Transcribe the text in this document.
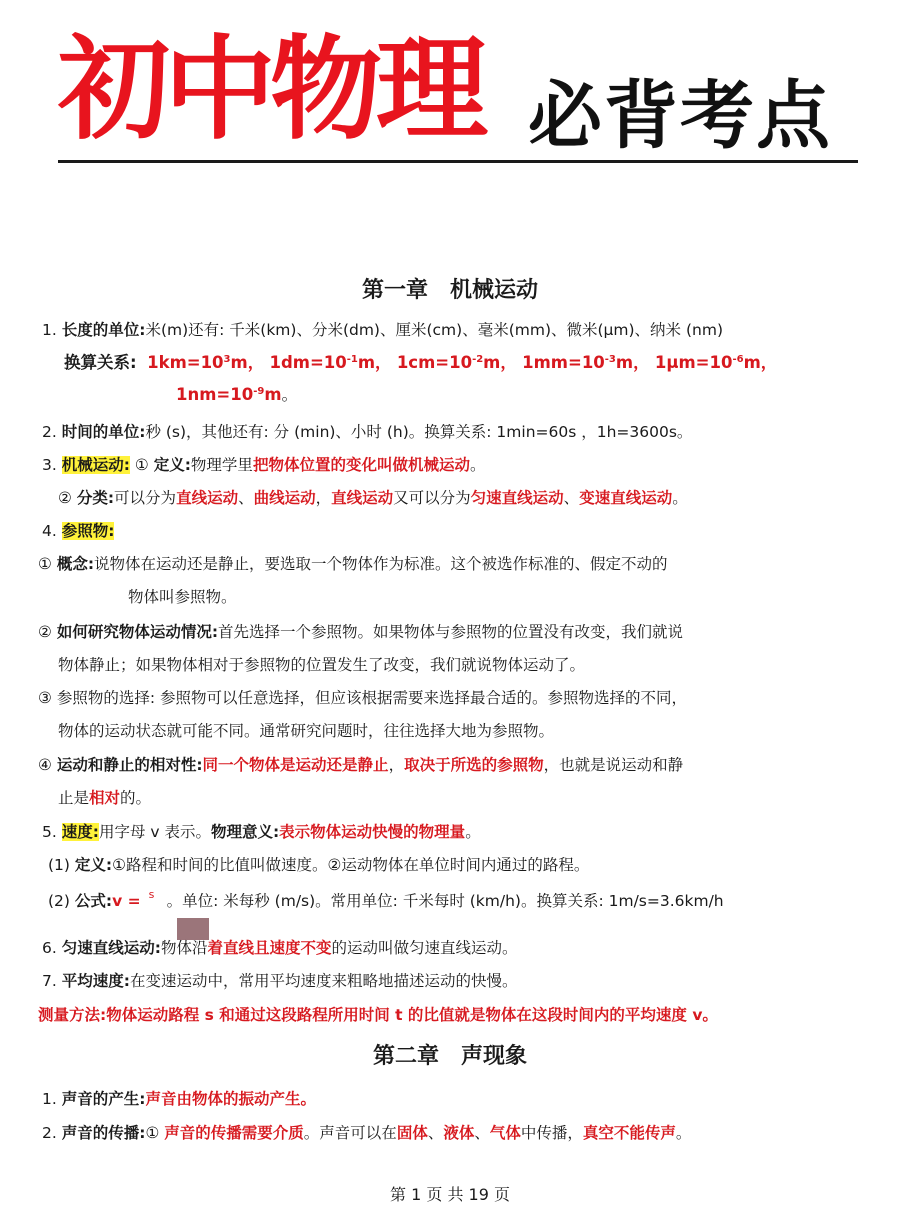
初中物理 必背考点
第一章　机械运动
1. 长度的单位:米(m)还有: 千米(km)、分米(dm)、厘米(cm)、毫米(mm)、微米(μm)、纳米 (nm)
换算关系: $1km=10^3m$， $1dm=10^{-1}m$， $1cm=10^{-2}m$， $1mm=10^{-3}m$， $1\mu m=10^{-6}m$，
$1nm=10^{-9}m$。
2. 时间的单位:秒 (s)，其他还有: 分 (min)、小时 (h)。换算关系: 1min=60s ，1h=3600s。
3. 机械运动: ① 定义:物理学里把物体位置的变化叫做机械运动。
② 分类:可以分为直线运动、曲线运动，直线运动又可以分为匀速直线运动、变速直线运动。
4. 参照物:
① 概念:说物体在运动还是静止，要选取一个物体作为标准。这个被选作标准的、假定不动的
物体叫参照物。
② 如何研究物体运动情况:首先选择一个参照物。如果物体与参照物的位置没有改变，我们就说
物体静止；如果物体相对于参照物的位置发生了改变，我们就说物体运动了。
③ 参照物的选择: 参照物可以任意选择，但应该根据需要来选择最合适的。参照物选择的不同，
物体的运动状态就可能不同。通常研究问题时，往往选择大地为参照物。
④ 运动和静止的相对性:同一个物体是运动还是静止，取决于所选的参照物，也就是说运动和静
止是相对的。
5. 速度:用字母 v 表示。物理意义:表示物体运动快慢的物理量。
(1) 定义:①路程和时间的比值叫做速度。②运动物体在单位时间内通过的路程。
(2) 公式:v = s 。单位: 米每秒 (m/s)。常用单位: 千米每时 (km/h)。换算关系: 1m/s=3.6km/h
6. 匀速直线运动:物体沿着直线且速度不变的运动叫做匀速直线运动。
7. 平均速度:在变速运动中，常用平均速度来粗略地描述运动的快慢。
测量方法:物体运动路程 s 和通过这段路程所用时间 t 的比值就是物体在这段时间内的平均速度 v。
第二章　声现象
1. 声音的产生:声音由物体的振动产生。
2. 声音的传播:① 声音的传播需要介质。声音可以在固体、液体、气体中传播，真空不能传声。
第 1 页 共 19 页
